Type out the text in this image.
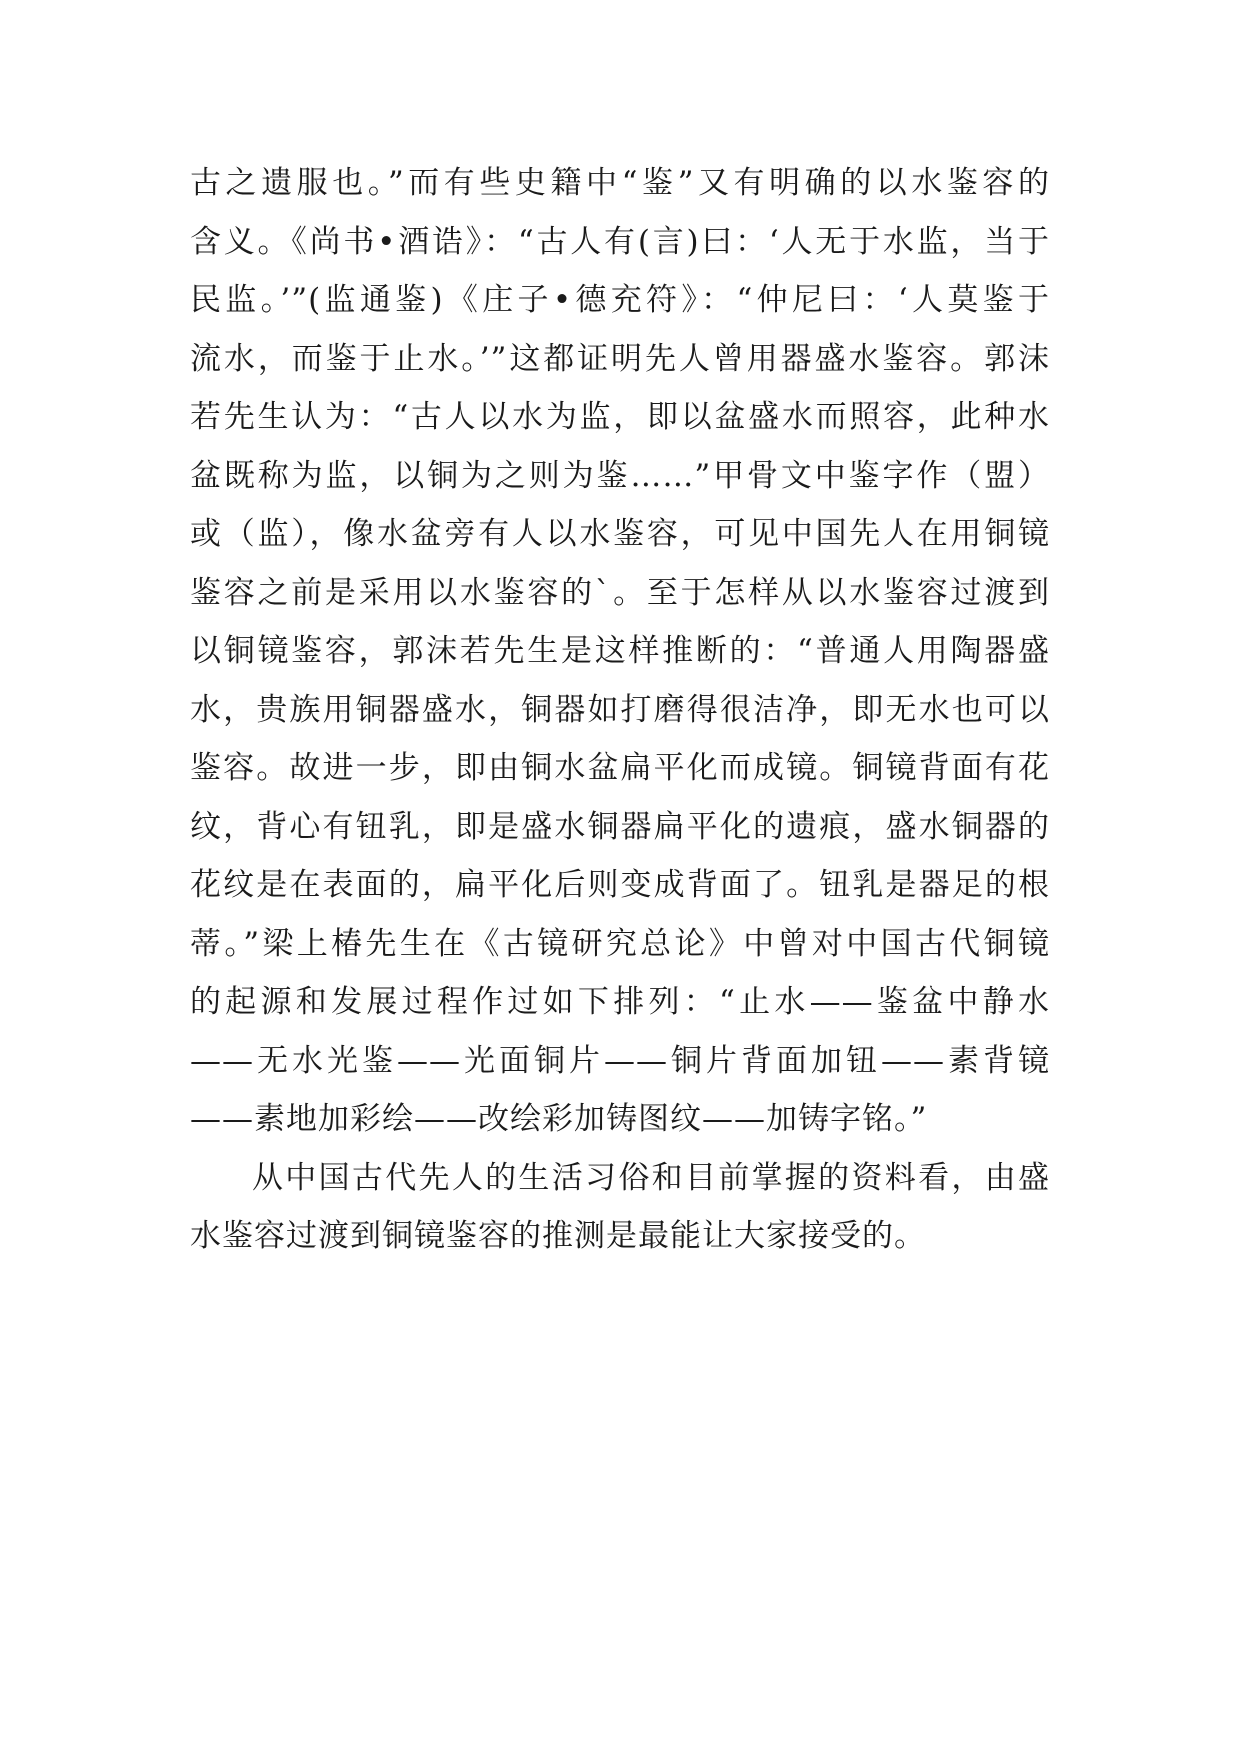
古之遗服也。”而有些史籍中“鉴”又有明确的以水鉴容的
含义。《尚书•酒诰》：“古人有(言)曰：‘人无于水监，当于
民监。’”(监通鉴)《庄子•德充符》：“仲尼曰：‘人莫鉴于
流水，而鉴于止水。’”这都证明先人曾用器盛水鉴容。郭沫
若先生认为：“古人以水为监，即以盆盛水而照容，此种水
盆既称为监，以铜为之则为鉴……”甲骨文中鉴字作（盟）
或（监），像水盆旁有人以水鉴容，可见中国先人在用铜镜
鉴容之前是采用以水鉴容的`。至于怎样从以水鉴容过渡到
以铜镜鉴容，郭沫若先生是这样推断的：“普通人用陶器盛
水，贵族用铜器盛水，铜器如打磨得很洁净，即无水也可以
鉴容。故进一步，即由铜水盆扁平化而成镜。铜镜背面有花
纹，背心有钮乳，即是盛水铜器扁平化的遗痕，盛水铜器的
花纹是在表面的，扁平化后则变成背面了。钮乳是器足的根
蒂。”梁上椿先生在《古镜研究总论》中曾对中国古代铜镜
的起源和发展过程作过如下排列：“止水——鉴盆中静水
——无水光鉴——光面铜片——铜片背面加钮——素背镜
——素地加彩绘——改绘彩加铸图纹——加铸字铭。”
从中国古代先人的生活习俗和目前掌握的资料看，由盛
水鉴容过渡到铜镜鉴容的推测是最能让大家接受的。
